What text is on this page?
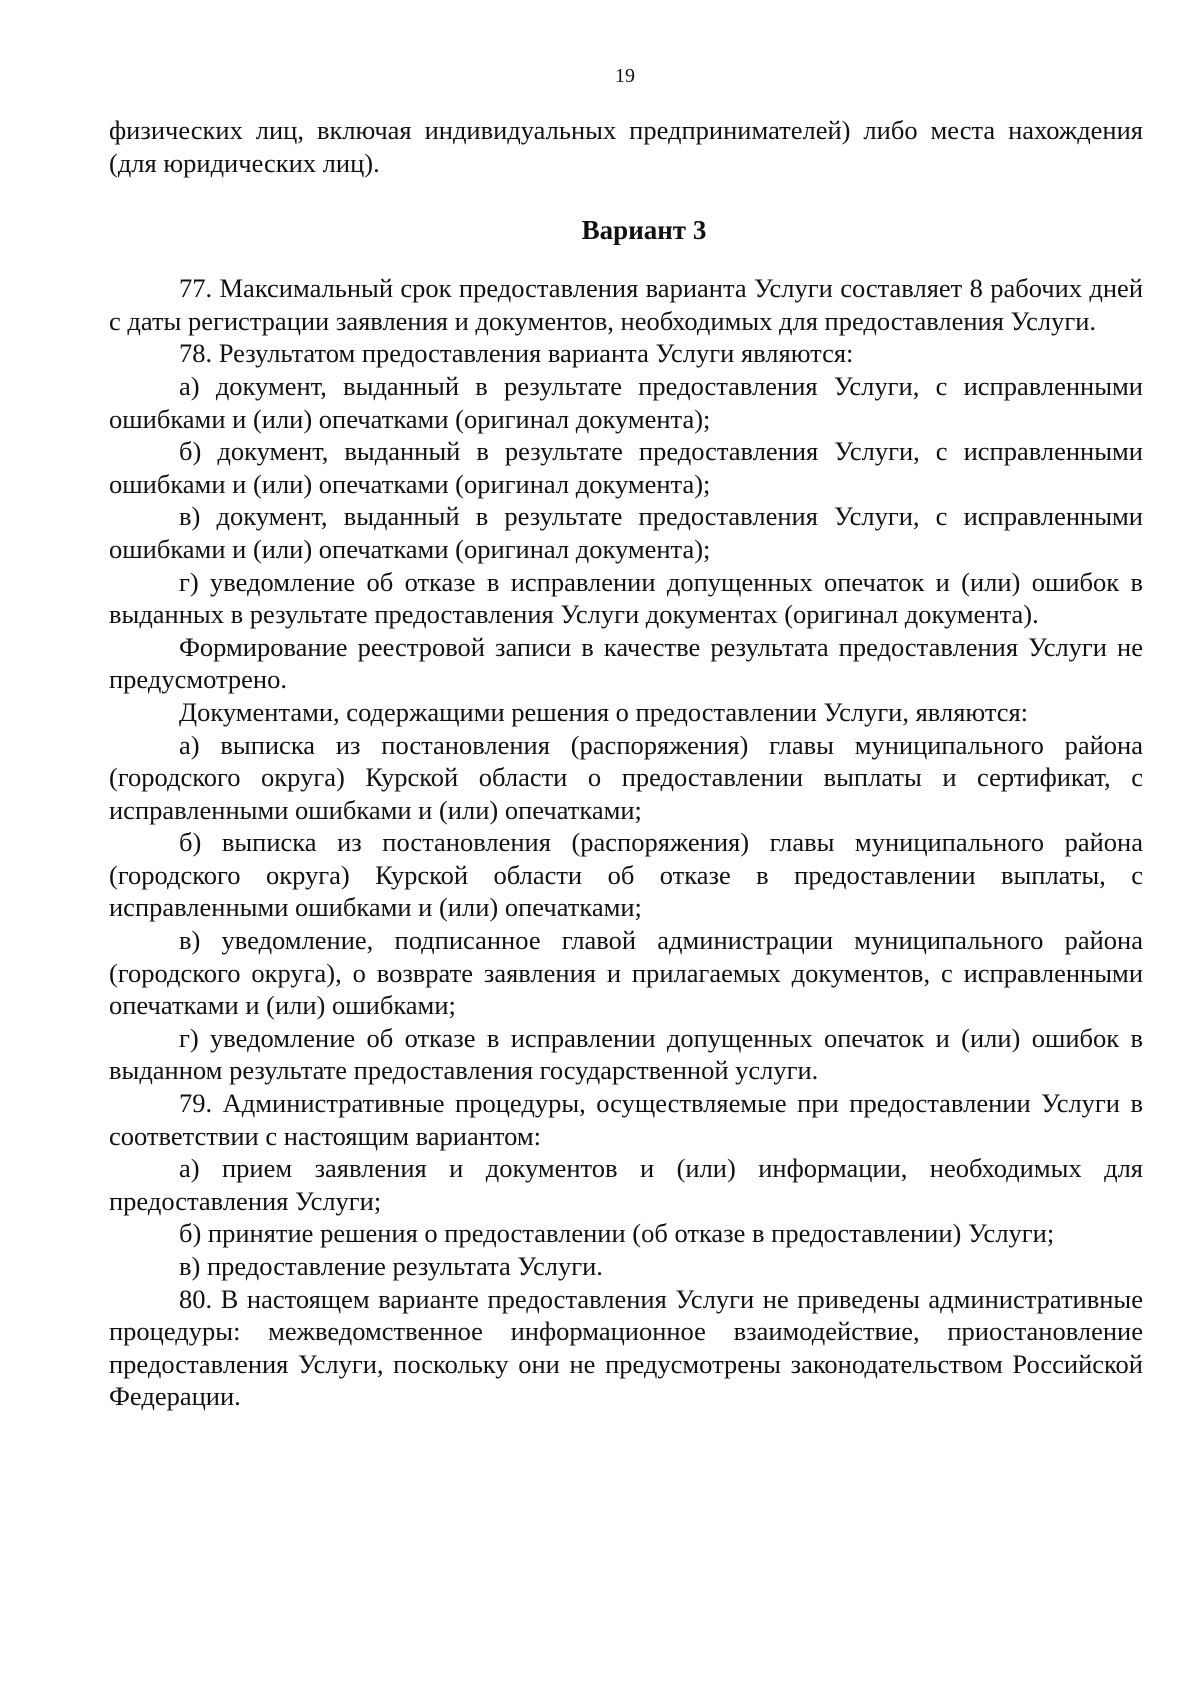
19

физических лиц, включая индивидуальных предпринимателей) либо места нахождения (для юридических лиц).

Вариант 3

77. Максимальный срок предоставления варианта Услуги составляет 8 рабочих дней с даты регистрации заявления и документов, необходимых для предоставления Услуги.

78. Результатом предоставления варианта Услуги являются:

а) документ, выданный в результате предоставления Услуги, с исправленными ошибками и (или) опечатками (оригинал документа);

б) документ, выданный в результате предоставления Услуги, с исправленными ошибками и (или) опечатками (оригинал документа);

в) документ, выданный в результате предоставления Услуги, с исправленными ошибками и (или) опечатками (оригинал документа);

г) уведомление об отказе в исправлении допущенных опечаток и (или) ошибок в выданных в результате предоставления Услуги документах (оригинал документа).

Формирование реестровой записи в качестве результата предоставления Услуги не предусмотрено.

Документами, содержащими решения о предоставлении Услуги, являются:

а) выписка из постановления (распоряжения) главы муниципального района (городского округа) Курской области о предоставлении выплаты и сертификат, с исправленными ошибками и (или) опечатками;

б) выписка из постановления (распоряжения) главы муниципального района (городского округа) Курской области об отказе в предоставлении выплаты, с исправленными ошибками и (или) опечатками;

в) уведомление, подписанное главой администрации муниципального района (городского округа), о возврате заявления и прилагаемых документов, с исправленными опечатками и (или) ошибками;

г) уведомление об отказе в исправлении допущенных опечаток и (или) ошибок в выданном результате предоставления государственной услуги.

79. Административные процедуры, осуществляемые при предоставлении Услуги в соответствии с настоящим вариантом:

а) прием заявления и документов и (или) информации, необходимых для предоставления Услуги;

б) принятие решения о предоставлении (об отказе в предоставлении) Услуги;

в) предоставление результата Услуги.

80. В настоящем варианте предоставления Услуги не приведены административные процедуры: межведомственное информационное взаимодействие, приостановление предоставления Услуги, поскольку они не предусмотрены законодательством Российской Федерации.
